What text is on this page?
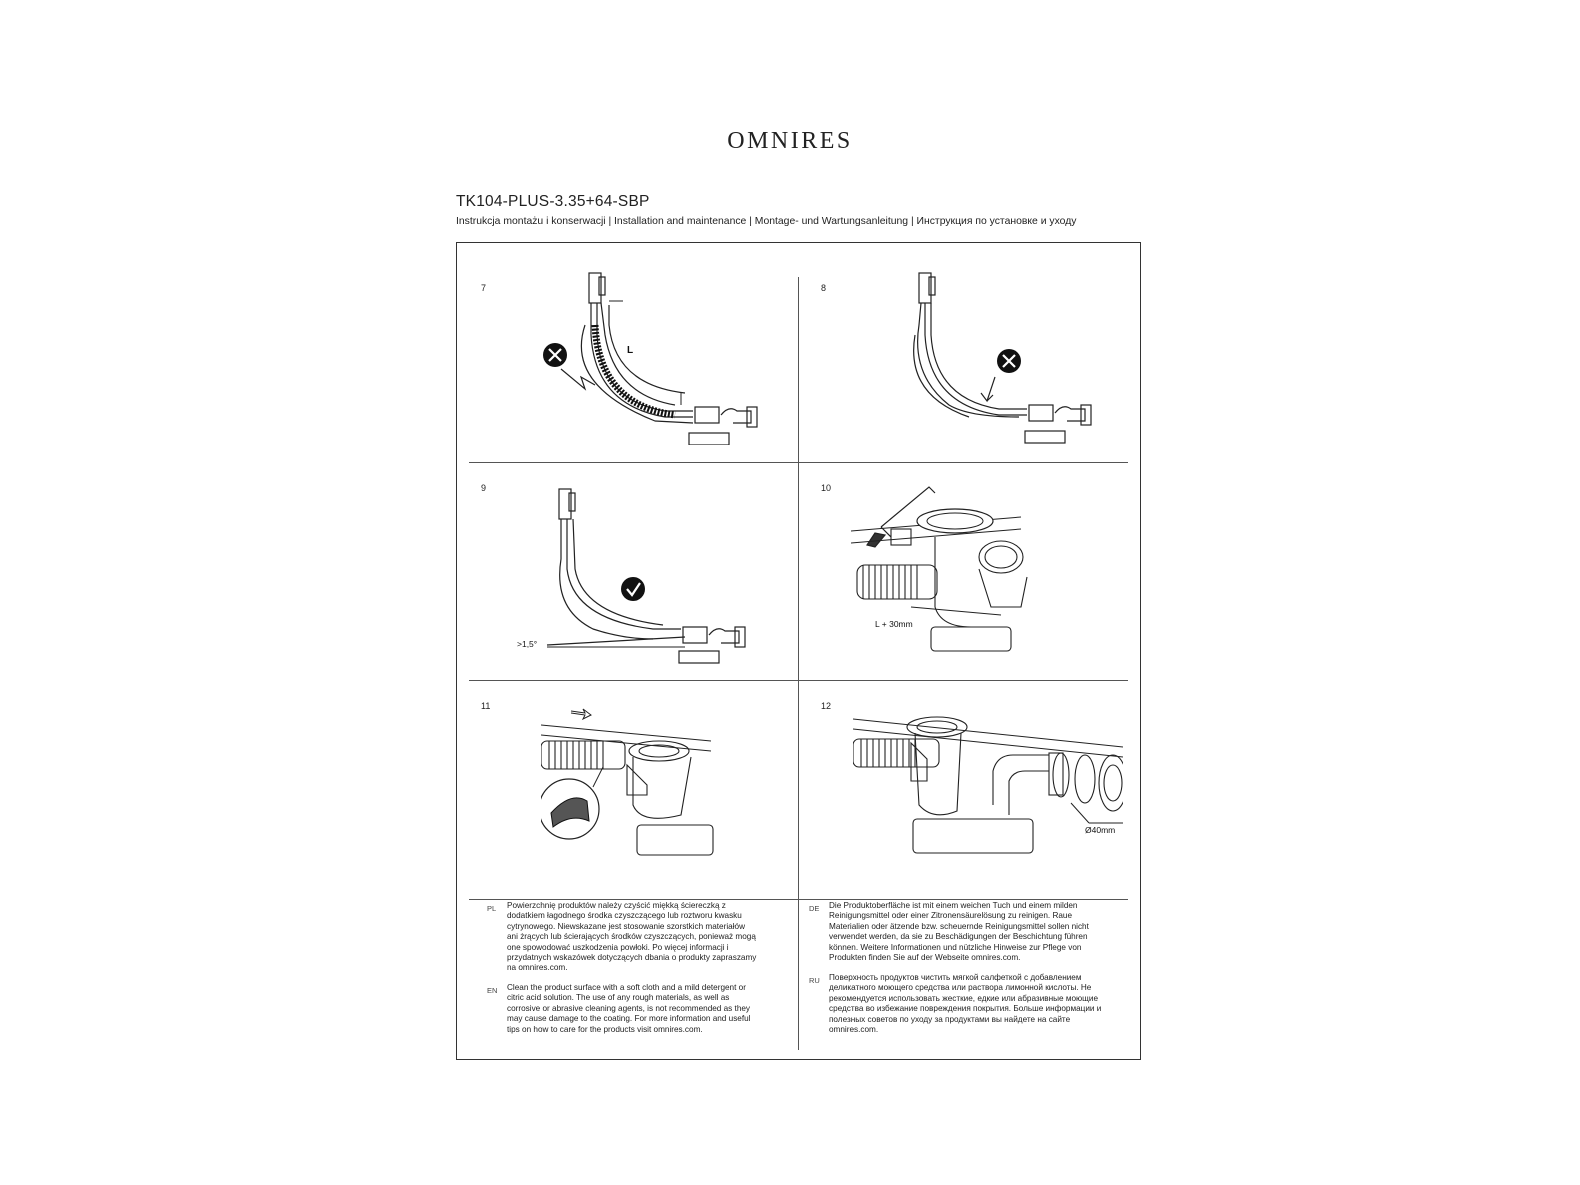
OMNIRES
TK104-PLUS-3.35+64-SBP
Instrukcja montażu i konserwacji | Installation and maintenance | Montage- und Wartungsanleitung | Инструкция по установке и уходу
7	8
9	10
11	12
L
>1,5°
L + 30mm
Ø40mm
PL Powierzchnię produktów należy czyścić miękką ściereczką z dodatkiem łagodnego środka czyszczącego lub roztworu kwasku cytrynowego. Niewskazane jest stosowanie szorstkich materiałów ani żrących lub ścierających środków czyszczących, ponieważ mogą one spowodować uszkodzenia powłoki. Po więcej informacji i przydatnych wskazówek dotyczących dbania o produkty zapraszamy na omnires.com.
EN Clean the product surface with a soft cloth and a mild detergent or citric acid solution. The use of any rough materials, as well as corrosive or abrasive cleaning agents, is not recommended as they may cause damage to the coating. For more information and useful tips on how to care for the products visit omnires.com.
DE Die Produktoberfläche ist mit einem weichen Tuch und einem milden Reinigungsmittel oder einer Zitronensäurelösung zu reinigen. Raue Materialien oder ätzende bzw. scheuernde Reinigungsmittel sollen nicht verwendet werden, da sie zu Beschädigungen der Beschichtung führen können. Weitere Informationen und nützliche Hinweise zur Pflege von Produkten finden Sie auf der Webseite omnires.com.
RU Поверхность продуктов чистить мягкой салфеткой с добавлением деликатного моющего средства или раствора лимонной кислоты. Не рекомендуется использовать жесткие, едкие или абразивные моющие средства во избежание повреждения покрытия. Больше информации и полезных советов по уходу за продуктами вы найдете на сайте omnires.com.
